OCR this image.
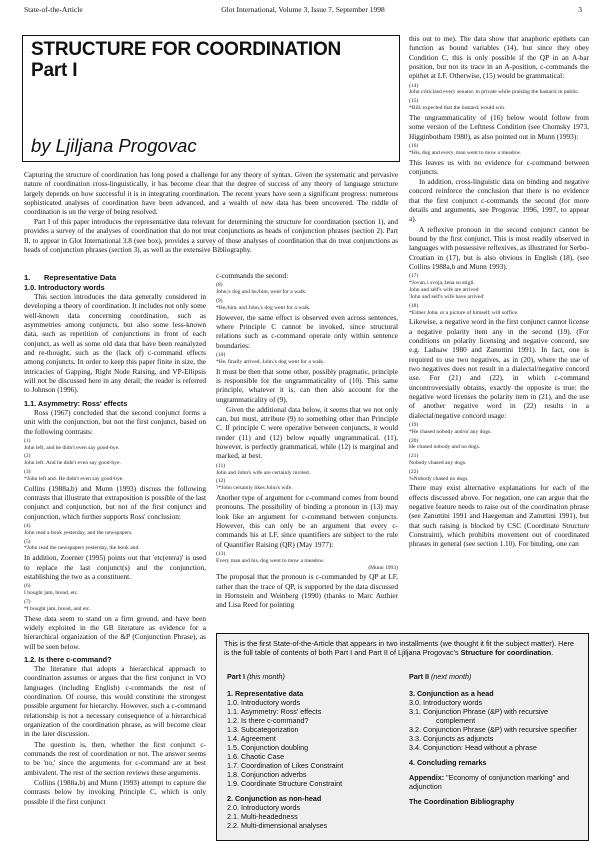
State-of-the-Article	Glot International, Volume 3, Issue 7, September 1998	3
STRUCTURE FOR COORDINATION
Part I
by Ljiljana Progovac

Capturing the structure of coordination has long posed a challenge for any theory of syntax. Given the systematic and pervasive nature of coordination cross-linguistically, it has become clear that the degree of success of any theory of language structure largely depends on how successful it is in integrating coordination. The recent years have seen a significant progress: numerous sophisticated analyses of coordination have been advanced, and a wealth of new data has been uncovered. The riddle of coordination is on the verge of being resolved.

Part I of this paper introduces the representative data relevant for determining the structure for coordination (section 1), and provides a survey of the analyses of coordination that do not treat conjunctions as heads of conjunction phrases (section 2). Part II, to appear in Glot International 3.8 (see box), provides a survey of those analyses of coordination that do treat conjunctions as heads of conjunction phrases (section 3), as well as the extensive Bibliography.

1. Representative Data
1.0. Introductory words

This section introduces the data generally considered in developing a theory of coordination. It includes not only some well-known data concerning coordination, such as asymmetries among conjuncts, but also some less-known data, such as repetition of conjunctions in front of each conjunct, as well as some old data that have been reanalyzed and re-thought, such as the (lack of) c-command effects among conjuncts. In order to keep this paper finite in size, the intricacies of Gapping, Right Node Raising, and VP-Ellipsis will not be discussed here in any detail; the reader is referred to Johnson (1996).

1.1. Asymmetry: Ross' effects

Ross (1967) concluded that the second conjunct forms a unit with the conjunction, but not the first conjunct, based on the following contrasts:

(1)
John left, and he didn't even say good-bye.
(2)
John left. And he didn't even say good-bye.
(3)
*John left and. He didn't even say good-bye.

Collins (1988a,b) and Munn (1993) discuss the following contrasts that illustrate that extraposition is possible of the last conjunct and conjunction, but not of the first conjunct and conjunction, which further supports Ross' conclusion:

(4)
John read a book yesterday, and the newspapers.
(5)
*John read the newspapers yesterday, the book and.

In addition, Zoerner (1995) points out that 'etc(etera)' is used to replace the last conjunct(s) and the conjunction, establishing the two as a constituent.

(6)
I bought jam, bread, etc.
(7)
*I bought jam, bread, and etc.

These data seem to stand on a firm ground, and have been widely exploited in the GB literature as evidence for a hierarchical organization of the &P (Conjunction Phrase), as will be seen below.

1.2. Is there c-command?

The literature that adopts a hierarchical approach to coordination assumes or argues that the first conjunct in VO languages (including English) c-commands the rest of coordination. Of course, this would constitute the strongest possible argument for hierarchy. However, such a c-command relationship is not a necessary consequence of a hierarchical organization of the coordination phrase, as will become clear in the later discussion.

The question is, then, whether the first conjunct c-commands the rest of coordination or not. The answer seems to be 'no,' since the arguments for c-command are at best ambivalent. The rest of the section reviews these arguments.

Collins (1988a,b) and Munn (1993) attempt to capture the contrasts below by invoking Principle C, which is only possible if the first conjunct

c-commands the second:

(8)
Johnᵢ's dog and heᵢ/himᵢ went for a walk.
(9)
*Heᵢ/himᵢ and Johnᵢ's dog went for a walk.

However, the same effect is observed even across sentences, where Principle C cannot be invoked, since structural relations such as c-command operate only within sentence boundaries:

(10)
*Heᵢ finally arrived. Johnᵢ's dog went for a walk.

It must be then that some other, possibly pragmatic, principle is responsible for the ungrammaticality of (10). This same principle, whatever it is, can then also account for the ungrammaticality of (9).

Given the additional data below, it seems that we not only can, but must, attribute (9) to something other than Principle C. If principle C were operative between conjuncts, it would render (11) and (12) below equally ungrammatical. (11), however, is perfectly grammatical, while (12) is marginal and marked, at best.

(11)
John and John's wife are certainly invited.
(12)
?*John certainly likes John's wife.

Another type of argument for c-command comes from bound pronouns. The possibility of binding a pronoun in (13) may look like an argument for c-command between conjuncts. However, this can only be an argument that every c-commands his at LF, since quantifiers are subject to the rule of Quantifier Raising (QR) (May 1977):

(13)
Every man and hisᵢ dog went to mow a meadow.
(Munn 1993)

The proposal that the pronoun is c-commanded by QP at LF, rather than the trace of QP, is supported by the data discussed in Hornstein and Weinberg (1990) (thanks to Marc Authier and Lisa Reed for pointing

this out to me). The data show that anaphoric epithets can function as bound variables (14), but since they obey Condition C, this is only possible if the QP in an A-bar position, but not its trace in an A-position, c-commands the epithet at LF. Otherwise, (15) would be grammatical:

(14)
John criticized every senatorᵢ in private while praising the bastardᵢ in public.
(15)
*Billᵢ expected that the bastardᵢ would win.

The ungrammaticality of (16) below would follow from some version of the Leftness Condition (see Chomsky 1973, Higginbotham 1980), as also pointed out in Munn (1993):

(16)
*Hisᵢ dog and everyᵢ man went to mow a meadow.

This leaves us with no evidence for c-command between conjuncts.

In addition, cross-linguistic data on binding and negative concord reinforce the conclusion that there is no evidence that the first conjunct c-commands the second (for more details and arguments, see Progovac 1996, 1997, to appear a).

A reflexive pronoun in the second conjunct cannot be bound by the first conjunct. This is most readily observed in languages with possessive reflexives, as illustrated for Serbo-Croatian in (17), but is also obvious in English (18), (see Collins 1988a,b and Munn 1993).

(17)
*Jovanᵢ i svojaᵢ žena su stigli.
John and self's wife are arrived
'John and self's wife have arrived'
(18)
*Either Johnᵢ or a picture of himselfᵢ will suffice.

Likewise, a negative word in the first conjunct cannot license a negative polarity item any in the second (19). (For conditions on polarity licensing and negative concord, see e.g. Laduaw 1980 and Zanuttini 1991). In fact, one is required to use two negatives, as in (20), where the use of two negatives does not result in a dialectal/negative concord use. For (21) and (22), in which c-command uncontroversially obtains, exactly the opposite is true: the negative word licenses the polarity item in (21), and the use of another negative word in (22) results in a dialectal/negative concord usage:

(19)
*He chased nobody and/or any dogs.
(20)
He chased nobody and no dogs.
(21)
Nobody chased any dogs.
(22)
%Nobody chased no dogs.

There may exist alternative explanations for each of the effects discussed above. For negation, one can argue that the negative feature needs to raise out of the coordination phrase (see Zanuttini 1991 and Haegeman and Zanuttini 1991), but that such raising is blocked by CSC (Coordinate Structure Constraint), which prohibits movement out of coordinated phrases in general (see section 1.10). For binding, one can

This is the first State-of-the-Article that appears in two installments (we thought it fit the subject matter). Here is the full table of contents of both Part I and Part II of Ljiljana Progovac's Structure for coordination.
Part I (this month)
1. Representative data
1.0. Introductory words
1.1. Asymmetry: Ross' effects
1.2. Is there c-command?
1.3. Subcategorization
1.4. Agreement
1.5. Conjunction doubling
1.6. Chaotic Case
1.7. Coordination of Likes Constraint
1.8. Conjunction adverbs
1.9. Coordinate Structure Constraint
2. Conjunction as non-head
2.0. Introductory words
2.1. Multi-headedness
2.2. Multi-dimensional analyses
Part II (next month)
3. Conjunction as a head
3.0. Introductory words
3.1. Conjunction Phrase (&P) with recursive complement
3.2. Conjunction Phrase (&P) with recursive specifier
3.3. Conjuncts as adjuncts
3.4. Conjunction: Head without a phrase
4. Concluding remarks
Appendix: "Economy of conjunction marking" and adjunction
The Coordination Bibliography
